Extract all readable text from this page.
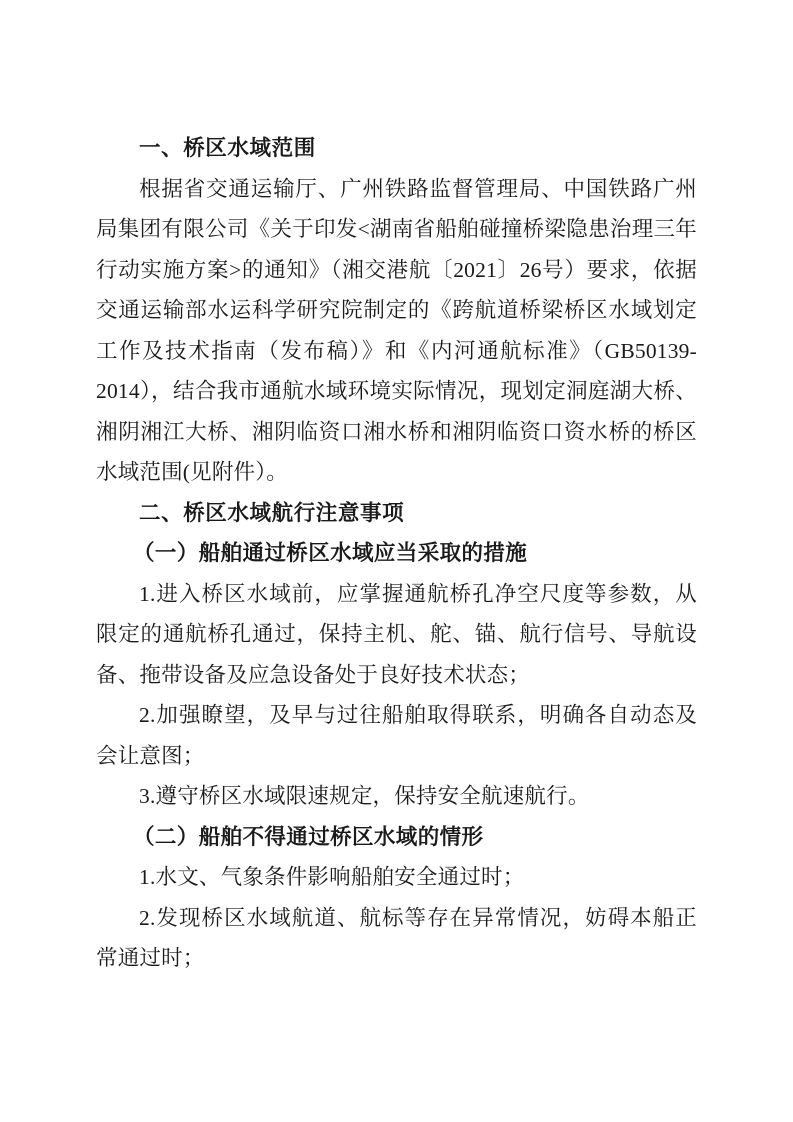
一、桥区水域范围

根据省交通运输厅、广州铁路监督管理局、中国铁路广州局集团有限公司《关于印发<湖南省船舶碰撞桥梁隐患治理三年行动实施方案>的通知》（湘交港航〔2021〕26号）要求，依据交通运输部水运科学研究院制定的《跨航道桥梁桥区水域划定工作及技术指南（发布稿）》和《内河通航标准》（GB50139-2014），结合我市通航水域环境实际情况，现划定洞庭湖大桥、湘阴湘江大桥、湘阴临资口湘水桥和湘阴临资口资水桥的桥区水域范围(见附件）。

二、桥区水域航行注意事项

（一）船舶通过桥区水域应当采取的措施

1.进入桥区水域前，应掌握通航桥孔净空尺度等参数，从限定的通航桥孔通过，保持主机、舵、锚、航行信号、导航设备、拖带设备及应急设备处于良好技术状态；

2.加强瞭望，及早与过往船舶取得联系，明确各自动态及会让意图；

3.遵守桥区水域限速规定，保持安全航速航行。

（二）船舶不得通过桥区水域的情形

1.水文、气象条件影响船舶安全通过时；

2.发现桥区水域航道、航标等存在异常情况，妨碍本船正常通过时；
